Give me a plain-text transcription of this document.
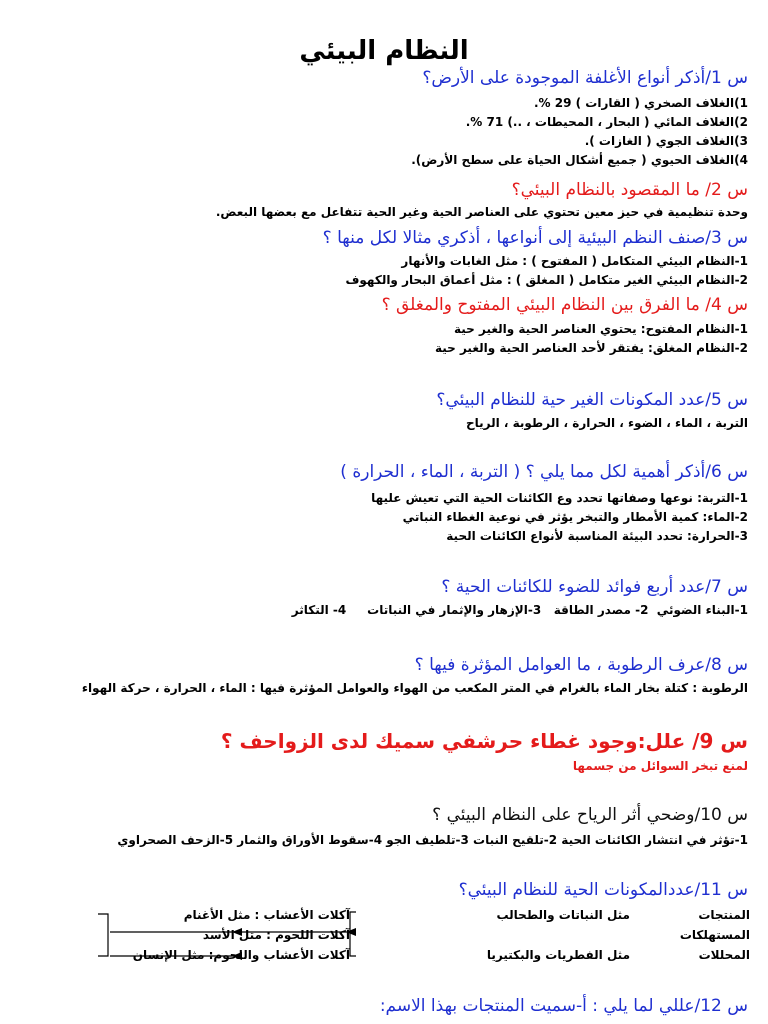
النظام البيئي
س 1/أذكر أنواع الأغلفة الموجودة على الأرض؟
1)الغلاف الصخري ( القارات ) 29 %.
2)الغلاف المائي ( البحار ، المحيطات ، ..) 71 %.
3)الغلاف الجوي ( الغازات ).
4)الغلاف الحيوي ( جميع أشكال الحياة على سطح الأرض).
س 2/ ما المقصود بالنظام البيئي؟
وحدة تنظيمية في حيز معين تحتوي على العناصر الحية وغير الحية تتفاعل مع بعضها البعض.
س 3/صنف النظم البيئية إلى أنواعها ، أذكري مثالا لكل منها ؟
1-النظام البيئي المتكامل ( المفتوح ) : مثل الغابات والأنهار
2-النظام البيئي الغير متكامل ( المغلق ) : مثل أعماق البحار والكهوف
س 4/ ما الفرق بين النظام البيئي المفتوح والمغلق ؟
1-النظام المفتوح: يحتوي العناصر الحية والغير حية
2-النظام المغلق: يفتقر لأحد العناصر الحية والغير حية
س 5/عدد المكونات الغير حية للنظام البيئي؟
التربة ، الماء ، الضوء ، الحرارة ، الرطوبة ، الرياح
س 6/أذكر أهمية لكل مما يلي ؟ ( التربة ، الماء ، الحرارة )
1-التربة: نوعها وصفاتها تحدد وع الكائنات الحية التي تعيش عليها
2-الماء: كمية الأمطار والتبخر يؤثر في نوعية الغطاء النباتي
3-الحرارة: تحدد البيئة المناسبة لأنواع الكائنات الحية
س 7/عدد أربع فوائد للضوء للكائنات الحية ؟
1-البناء الضوئي  2- مصدر الطاقة   3-الإزهار والإثمار في النباتات     4- التكاثر
س 8/عرف الرطوبة ، ما العوامل المؤثرة فيها ؟
الرطوبة : كتلة بخار الماء بالغرام في المتر المكعب من الهواء والعوامل المؤثرة فيها : الماء ، الحرارة ، حركة الهواء
س 9/ علل:وجود غطاء حرشفي سميك لدى الزواحف ؟
لمنع تبخر السوائل من جسمها
س 10/وضحي أثر الرياح على النظام البيئي ؟
1-تؤثر في انتشار الكائنات الحية 2-تلقيح النبات 3-تلطيف الجو 4-سقوط الأوراق والثمار 5-الزحف الصحراوي
س 11/عددالمكونات الحية للنظام البيئي؟
المنتجات
المستهلكات
المحللات
مثل النباتات والطحالب
مثل الفطريات والبكتيريا
آكلات الأعشاب : مثل الأغنام
آكلات اللحوم : مثل الأسد
آكلات الأعشاب واللحوم: مثل الإنسان
س 12/عللي لما يلي : أ-سميت المنتجات بهذا الاسم:
